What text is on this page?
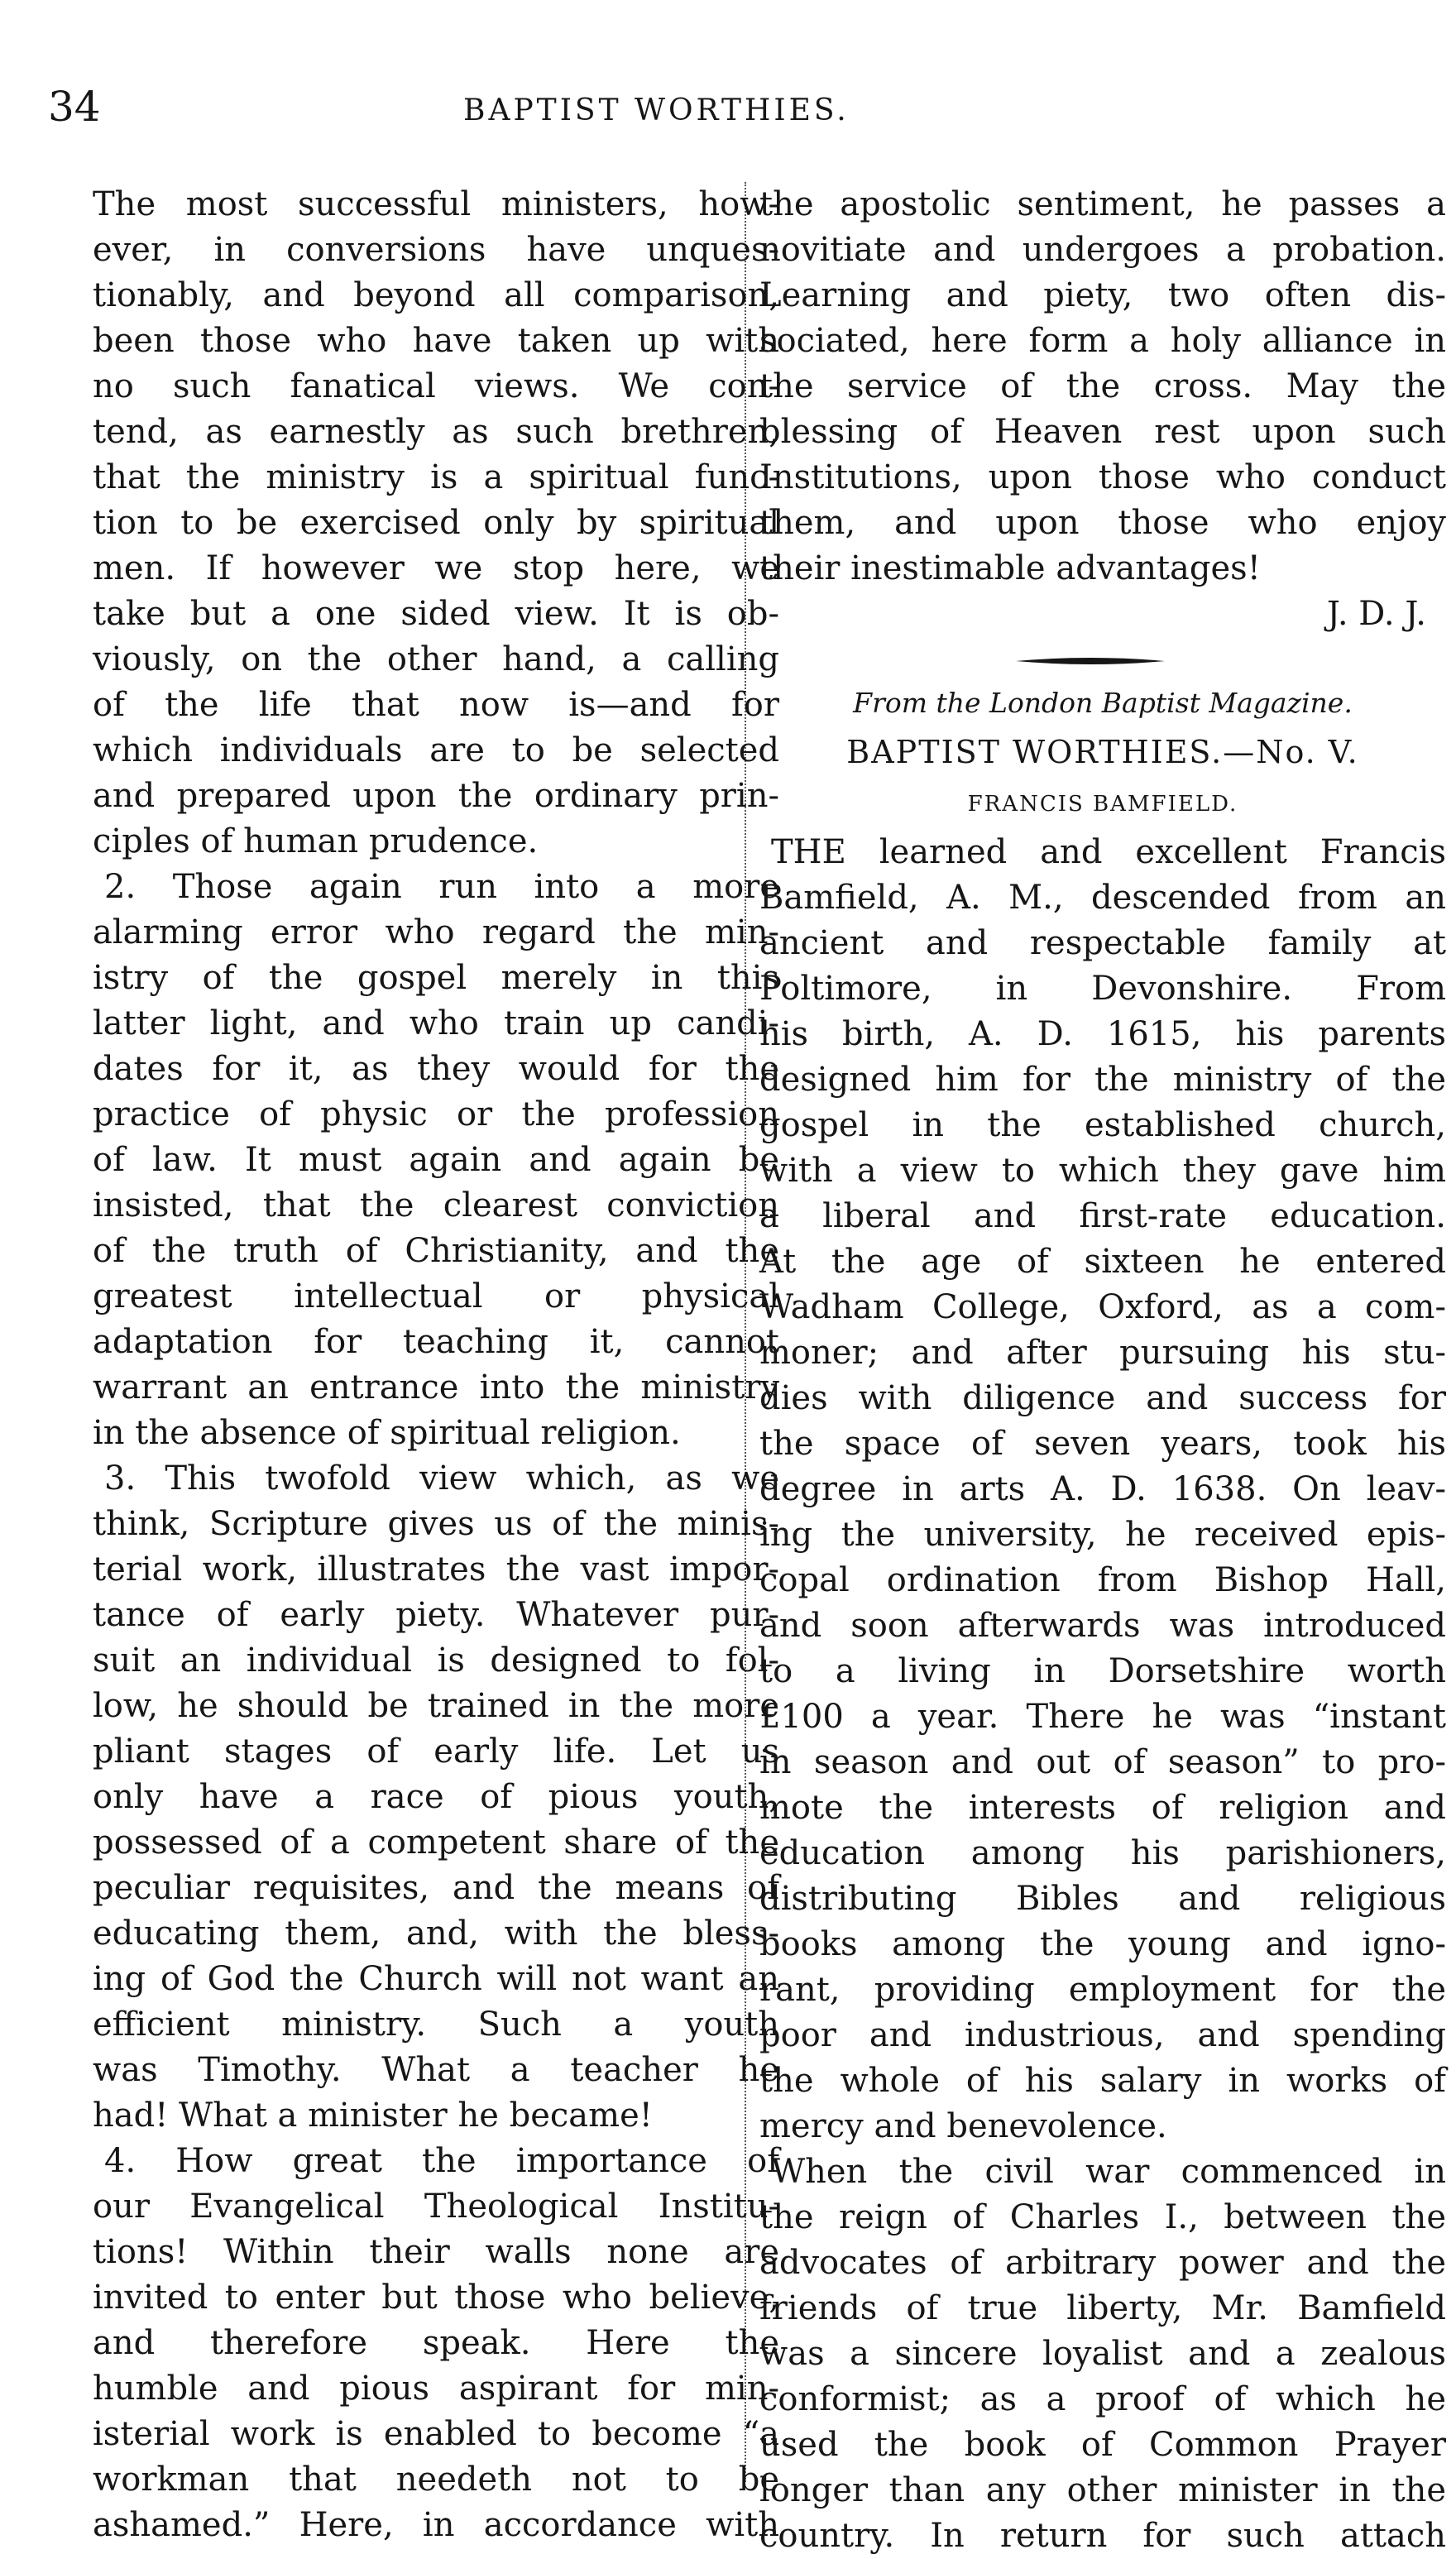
34	BAPTIST WORTHIES.
The most successful ministers, how-
ever, in conversions have unques-
tionably, and beyond all comparison,
been those who have taken up with
no such fanatical views. We con-
tend, as earnestly as such brethren,
that the ministry is a spiritual func-
tion to be exercised only by spiritual
men. If however we stop here, we
take but a one sided view. It is ob-
viously, on the other hand, a calling
of the life that now is—and for
which individuals are to be selected
and prepared upon the ordinary prin-
ciples of human prudence.
2. Those again run into a more
alarming error who regard the min-
istry of the gospel merely in this
latter light, and who train up candi-
dates for it, as they would for the
practice of physic or the profession
of law. It must again and again be
insisted, that the clearest conviction
of the truth of Christianity, and the
greatest intellectual or physical
adaptation for teaching it, cannot
warrant an entrance into the ministry
in the absence of spiritual religion.
3. This twofold view which, as we
think, Scripture gives us of the minis-
terial work, illustrates the vast impor-
tance of early piety. Whatever pur-
suit an individual is designed to fol-
low, he should be trained in the more
pliant stages of early life. Let us
only have a race of pious youth,
possessed of a competent share of the
peculiar requisites, and the means of
educating them, and, with the bless-
ing of God the Church will not want an
efficient ministry. Such a youth
was Timothy. What a teacher he
had! What a minister he became!
4. How great the importance of
our Evangelical Theological Institu-
tions! Within their walls none are
invited to enter but those who believe,
and therefore speak. Here the
humble and pious aspirant for min-
isterial work is enabled to become “a
workman that needeth not to be
ashamed.” Here, in accordance with
the apostolic sentiment, he passes a
novitiate and undergoes a probation.
Learning and piety, two often dis-
sociated, here form a holy alliance in
the service of the cross. May the
blessing of Heaven rest upon such
Institutions, upon those who conduct
them, and upon those who enjoy
their inestimable advantages!
J. D. J.
From the London Baptist Magazine.
BAPTIST WORTHIES.—No. V.
FRANCIS BAMFIELD.
THE learned and excellent Francis
Bamfield, A. M., descended from an
ancient and respectable family at
Poltimore, in Devonshire. From
his birth, A. D. 1615, his parents
designed him for the ministry of the
gospel in the established church,
with a view to which they gave him
a liberal and first-rate education.
At the age of sixteen he entered
Wadham College, Oxford, as a com-
moner; and after pursuing his stu-
dies with diligence and success for
the space of seven years, took his
degree in arts A. D. 1638. On leav-
ing the university, he received epis-
copal ordination from Bishop Hall,
and soon afterwards was introduced
to a living in Dorsetshire worth
£100 a year. There he was “instant
in season and out of season” to pro-
mote the interests of religion and
education among his parishioners,
distributing Bibles and religious
books among the young and igno-
rant, providing employment for the
poor and industrious, and spending
the whole of his salary in works of
mercy and benevolence.
When the civil war commenced in
the reign of Charles I., between the
advocates of arbitrary power and the
friends of true liberty, Mr. Bamfield
was a sincere loyalist and a zealous
conformist; as a proof of which he
used the book of Common Prayer
longer than any other minister in the
country. In return for such attach
